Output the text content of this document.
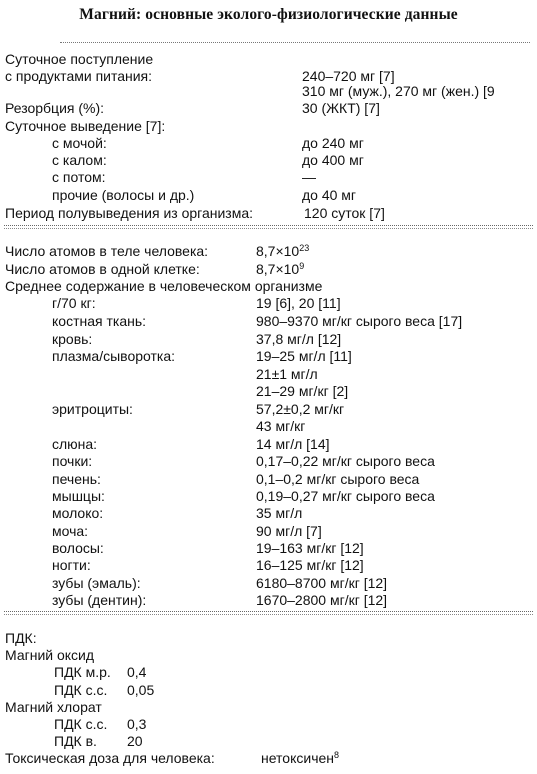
Магний: основные эколого-физиологические данные
Суточное поступление
с продуктами питания:	240–720 мг [7]
310 мг (муж.), 270 мг (жен.) [9
Резорбция (%):	30 (ЖКТ) [7]
Суточное выведение [7]:
с мочой:	до 240 мг
с калом:	до 400 мг
с потом:	—
прочие (волосы и др.)	до 40 мг
Период полувыведения из организма:	120 суток [7]
Число атомов в теле человека:	$8,7\times 10^{23}$
Число атомов в одной клетке:	$8,7\times 10^9$
Среднее содержание в человеческом организме
г/70 кг:	19 [6], 20 [11]
костная ткань:	980–9370 мг/кг сырого веса [17]
кровь:	37,8 мг/л [12]
плазма/сыворотка:	19–25 мг/л [11]
21±1 мг/л
21–29 мг/кг [2]
эритроциты:	57,2±0,2 мг/кг
43 мг/кг
слюна:	14 мг/л [14]
почки:	0,17–0,22 мг/кг сырого веса
печень:	0,1–0,2 мг/кг сырого веса
мышцы:	0,19–0,27 мг/кг сырого веса
молоко:	35 мг/л
моча:	90 мг/л [7]
волосы:	19–163 мг/кг [12]
ногти:	16–125 мг/кг [12]
зубы (эмаль):	6180–8700 мг/кг [12]
зубы (дентин):	1670–2800 мг/кг [12]
ПДК:
Магний оксид
ПДК м.р. 0,4
ПДК с.с. 0,05
Магний хлорат
ПДК с.с. 0,3
ПДК в. 20
Токсическая доза для человека:	нетоксичен$^8$
